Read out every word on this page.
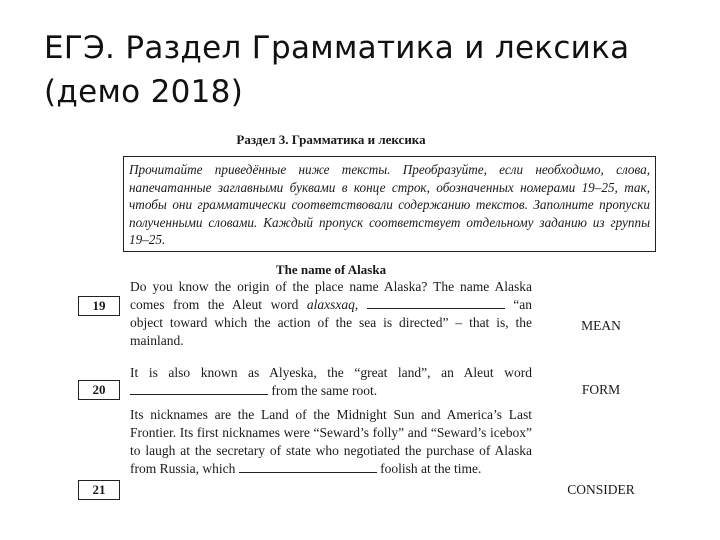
ЕГЭ. Раздел Грамматика и лексика
(демо 2018)
Раздел 3. Грамматика и лексика
Прочитайте приведённые ниже тексты. Преобразуйте, если необходимо, слова, напечатанные заглавными буквами в конце строк, обозначенных номерами 19–25, так, чтобы они грамматически соответствовали содержанию текстов. Заполните пропуски полученными словами. Каждый пропуск соответствует отдельному заданию из группы 19–25.
The name of Alaska
19
Do you know the origin of the place name Alaska? The name Alaska comes from the Aleut word alaxsxaq,	“an object toward which the action of the sea is directed” – that is, the mainland.
MEAN
20
It is also known as Alyeska, the “great land”, an Aleut word  from the same root.	FORM
21
Its nicknames are the Land of the Midnight Sun and America’s Last Frontier. Its first nicknames were “Seward’s folly” and “Seward’s icebox” to laugh at the secretary of state who negotiated the purchase of Alaska from Russia, which	foolish at the time.
CONSIDER
